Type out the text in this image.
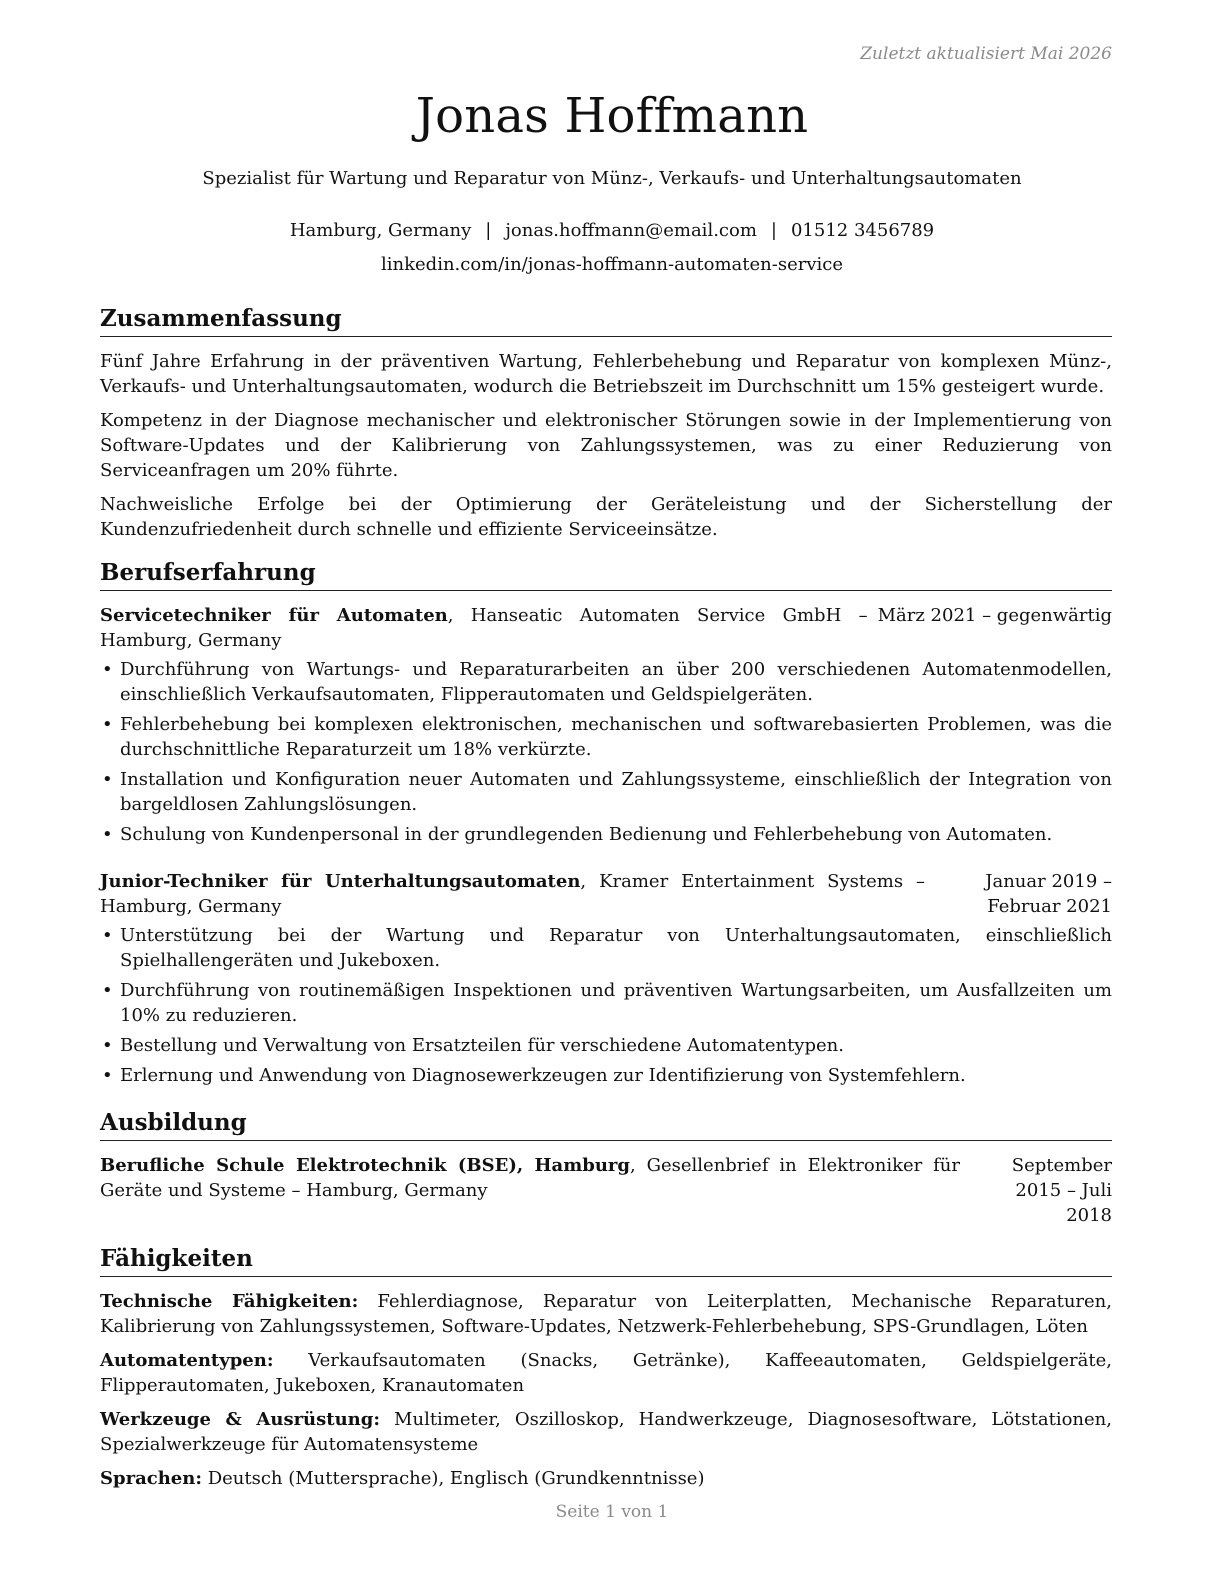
Zuletzt aktualisiert Mai 2026
Jonas Hoffmann
Spezialist für Wartung und Reparatur von Münz-, Verkaufs- und Unterhaltungsautomaten
Hamburg, Germany | jonas.hoffmann@email.com | 01512 3456789
linkedin.com/in/jonas-hoffmann-automaten-service
Zusammenfassung

Fünf Jahre Erfahrung in der präventiven Wartung, Fehlerbehebung und Reparatur von komplexen Münz-, Verkaufs- und Unterhaltungsautomaten, wodurch die Betriebszeit im Durchschnitt um 15% gesteigert wurde.

Kompetenz in der Diagnose mechanischer und elektronischer Störungen sowie in der Implementierung von Software-Updates und der Kalibrierung von Zahlungssystemen, was zu einer Reduzierung von Serviceanfragen um 20% führte.

Nachweisliche Erfolge bei der Optimierung der Geräteleistung und der Sicherstellung der Kundenzufriedenheit durch schnelle und effiziente Serviceeinsätze.

Berufserfahrung
Servicetechniker für Automaten, Hanseatic Automaten Service GmbH – Hamburg, Germany
März 2021 – gegenwärtig
• Durchführung von Wartungs- und Reparaturarbeiten an über 200 verschiedenen Automatenmodellen, einschließlich Verkaufsautomaten, Flipperautomaten und Geldspielgeräten.
• Fehlerbehebung bei komplexen elektronischen, mechanischen und softwarebasierten Problemen, was die durchschnittliche Reparaturzeit um 18% verkürzte.
• Installation und Konfiguration neuer Automaten und Zahlungssysteme, einschließlich der Integration von bargeldlosen Zahlungslösungen.
• Schulung von Kundenpersonal in der grundlegenden Bedienung und Fehlerbehebung von Automaten.
Junior-Techniker für Unterhaltungsautomaten, Kramer Entertainment Systems – Hamburg, Germany
Januar 2019 – Februar 2021
• Unterstützung bei der Wartung und Reparatur von Unterhaltungsautomaten, einschließlich Spielhallengeräten und Jukeboxen.
• Durchführung von routinemäßigen Inspektionen und präventiven Wartungsarbeiten, um Ausfallzeiten um 10% zu reduzieren.
• Bestellung und Verwaltung von Ersatzteilen für verschiedene Automatentypen.
• Erlernung und Anwendung von Diagnosewerkzeugen zur Identifizierung von Systemfehlern.
Ausbildung
Berufliche Schule Elektrotechnik (BSE), Hamburg, Gesellenbrief in Elektroniker für Geräte und Systeme – Hamburg, Germany
September 2015 – Juli 2018
Fähigkeiten

Technische Fähigkeiten: Fehlerdiagnose, Reparatur von Leiterplatten, Mechanische Reparaturen, Kalibrierung von Zahlungssystemen, Software-Updates, Netzwerk-Fehlerbehebung, SPS-Grundlagen, Löten

Automatentypen: Verkaufsautomaten (Snacks, Getränke), Kaffeeautomaten, Geldspielgeräte, Flipperautomaten, Jukeboxen, Kranautomaten

Werkzeuge & Ausrüstung: Multimeter, Oszilloskop, Handwerkzeuge, Diagnosesoftware, Lötstationen, Spezialwerkzeuge für Automatensysteme

Sprachen: Deutsch (Muttersprache), Englisch (Grundkenntnisse)

Seite 1 von 1
